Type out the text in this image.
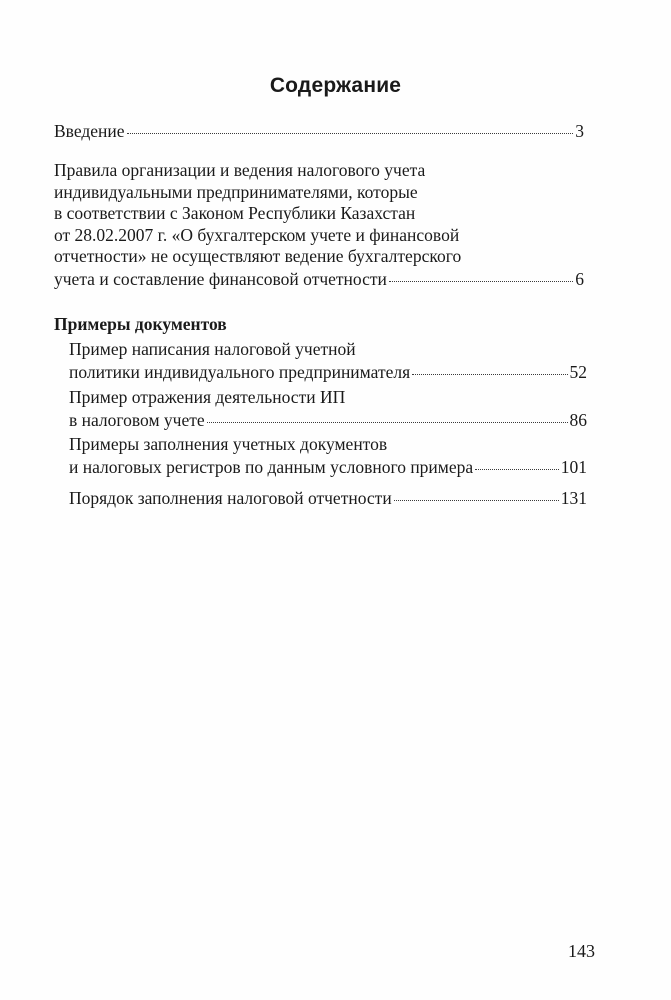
Содержание
Введение	3
Правила организации и ведения налогового учета
индивидуальными предпринимателями, которые
в соответствии с Законом Республики Казахстан
от 28.02.2007 г. «О бухгалтерском учете и финансовой
отчетности» не осуществляют ведение бухгалтерского
учета и составление финансовой отчетности	6
Примеры документов
Пример написания налоговой учетной
политики индивидуального предпринимателя	52
Пример отражения деятельности ИП
в налоговом учете	86
Примеры заполнения учетных документов
и налоговых регистров по данным условного примера	101
Порядок заполнения налоговой отчетности	131
143
